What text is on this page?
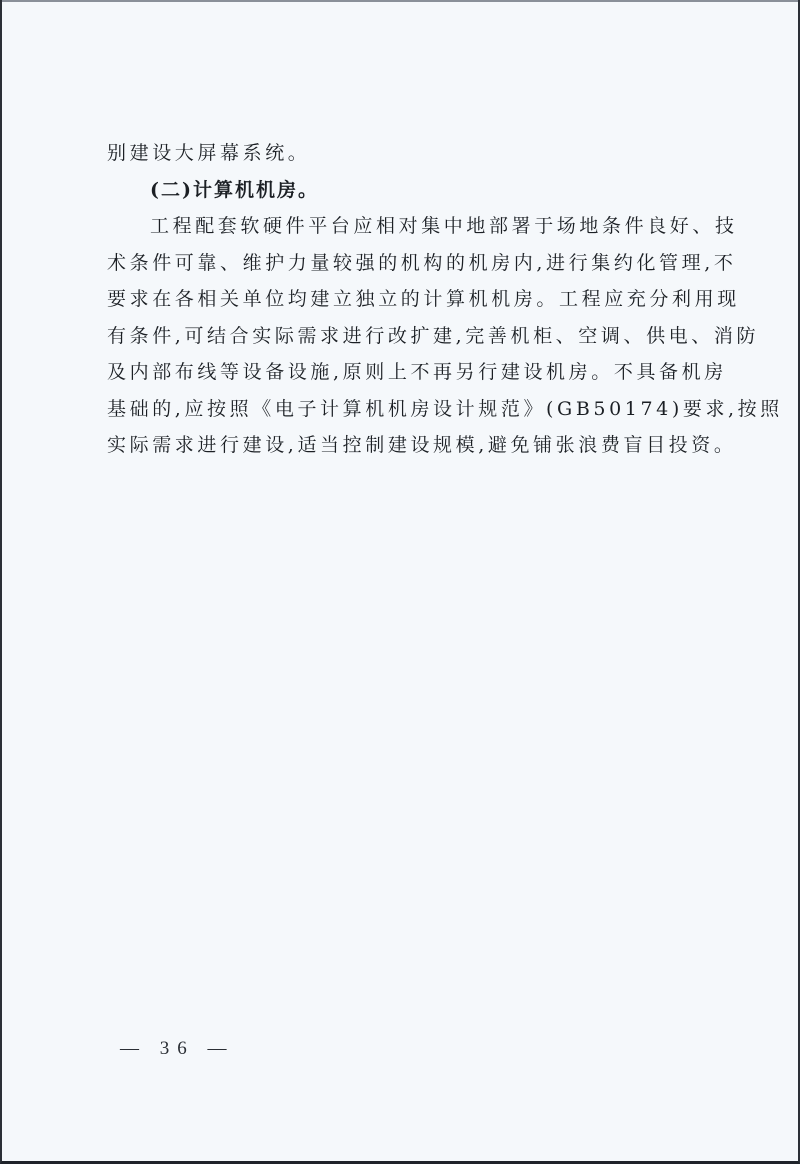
别建设大屏幕系统。
(二)计算机机房。
工程配套软硬件平台应相对集中地部署于场地条件良好、技
术条件可靠、维护力量较强的机构的机房内,进行集约化管理,不
要求在各相关单位均建立独立的计算机机房。工程应充分利用现
有条件,可结合实际需求进行改扩建,完善机柜、空调、供电、消防
及内部布线等设备设施,原则上不再另行建设机房。不具备机房
基础的,应按照《电子计算机机房设计规范》(GB50174)要求,按照
实际需求进行建设,适当控制建设规模,避免铺张浪费盲目投资。
— 36 —
